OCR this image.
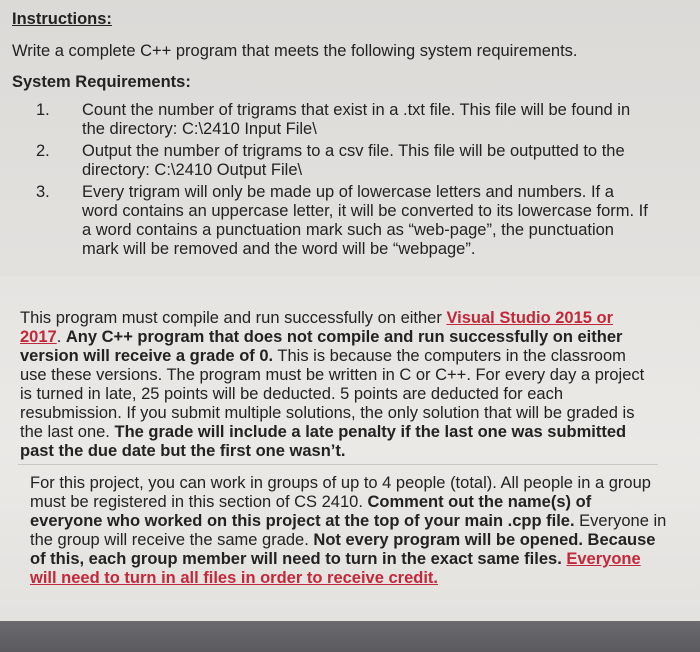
Instructions:
Write a complete C++ program that meets the following system requirements.
System Requirements:
1. Count the number of trigrams that exist in a .txt file. This file will be found in
the directory: C:\2410 Input File\
2. Output the number of trigrams to a csv file. This file will be outputted to the
directory: C:\2410 Output File\
3. Every trigram will only be made up of lowercase letters and numbers. If a
word contains an uppercase letter, it will be converted to its lowercase form. If
a word contains a punctuation mark such as “web-page”, the punctuation
mark will be removed and the word will be “webpage”.
This program must compile and run successfully on either Visual Studio 2015 or
2017. Any C++ program that does not compile and run successfully on either
version will receive a grade of 0. This is because the computers in the classroom
use these versions. The program must be written in C or C++. For every day a project
is turned in late, 25 points will be deducted. 5 points are deducted for each
resubmission. If you submit multiple solutions, the only solution that will be graded is
the last one. The grade will include a late penalty if the last one was submitted
past the due date but the first one wasn’t.
For this project, you can work in groups of up to 4 people (total). All people in a group
must be registered in this section of CS 2410. Comment out the name(s) of
everyone who worked on this project at the top of your main .cpp file. Everyone in
the group will receive the same grade. Not every program will be opened. Because
of this, each group member will need to turn in the exact same files. Everyone
will need to turn in all files in order to receive credit.
